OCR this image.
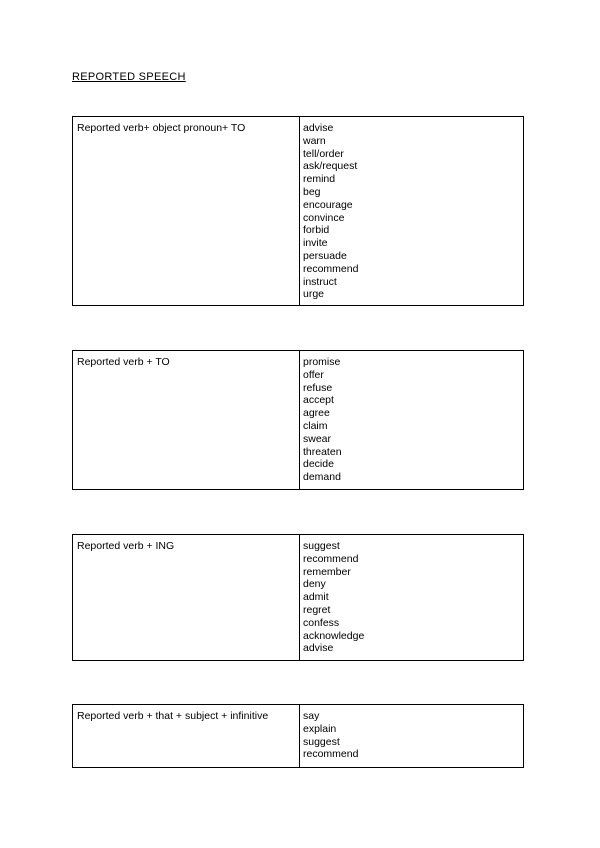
REPORTED SPEECH
Reported verb+ object pronoun+ TO	advise
warn
tell/order
ask/request
remind
beg
encourage
convince
forbid
invite
persuade
recommend
instruct
urge
Reported verb + TO	promise
offer
refuse
accept
agree
claim
swear
threaten
decide
demand
Reported verb + ING	suggest
recommend
remember
deny
admit
regret
confess
acknowledge
advise
Reported verb + that + subject + infinitive	say
explain
suggest
recommend
